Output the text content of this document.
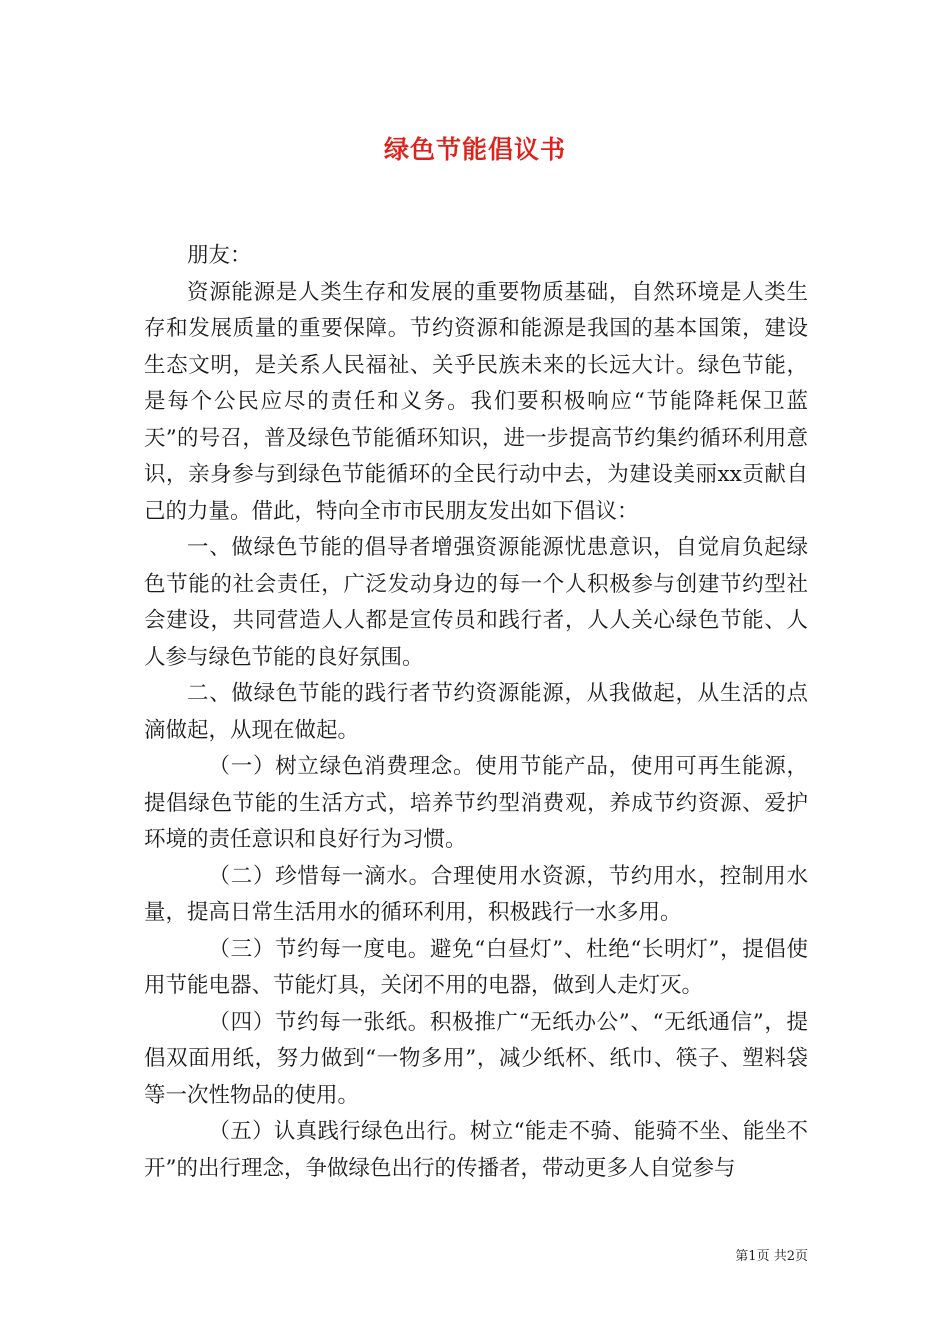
绿色节能倡议书

朋友：

资源能源是人类生存和发展的重要物质基础，自然环境是人类生存和发展质量的重要保障。节约资源和能源是我国的基本国策，建设生态文明，是关系人民福祉、关乎民族未来的长远大计。绿色节能，是每个公民应尽的责任和义务。我们要积极响应“节能降耗保卫蓝天”的号召，普及绿色节能循环知识，进一步提高节约集约循环利用意识，亲身参与到绿色节能循环的全民行动中去，为建设美丽xx贡献自己的力量。借此，特向全市市民朋友发出如下倡议：

一、做绿色节能的倡导者增强资源能源忧患意识，自觉肩负起绿色节能的社会责任，广泛发动身边的每一个人积极参与创建节约型社会建设，共同营造人人都是宣传员和践行者，人人关心绿色节能、人人参与绿色节能的良好氛围。

二、做绿色节能的践行者节约资源能源，从我做起，从生活的点滴做起，从现在做起。

（一）树立绿色消费理念。使用节能产品，使用可再生能源，提倡绿色节能的生活方式，培养节约型消费观，养成节约资源、爱护环境的责任意识和良好行为习惯。

（二）珍惜每一滴水。合理使用水资源，节约用水，控制用水量，提高日常生活用水的循环利用，积极践行一水多用。

（三）节约每一度电。避免“白昼灯”、杜绝“长明灯”，提倡使用节能电器、节能灯具，关闭不用的电器，做到人走灯灭。

（四）节约每一张纸。积极推广“无纸办公”、“无纸通信”，提倡双面用纸，努力做到“一物多用”，减少纸杯、纸巾、筷子、塑料袋等一次性物品的使用。

（五）认真践行绿色出行。树立“能走不骑、能骑不坐、能坐不开”的出行理念，争做绿色出行的传播者，带动更多人自觉参与

第1页 共2页
